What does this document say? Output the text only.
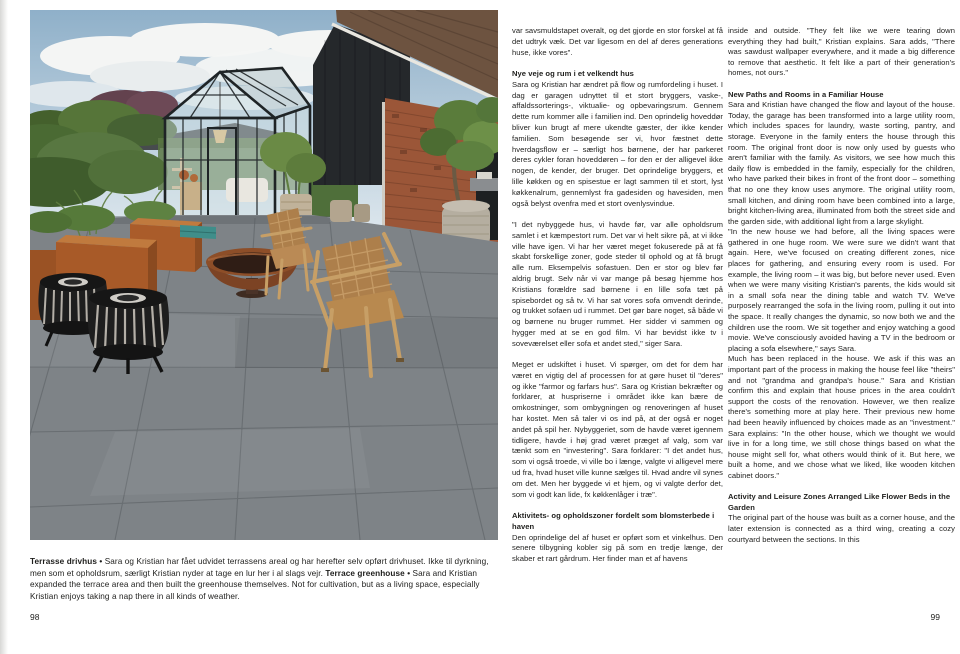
Terrasse drivhus • Sara og Kristian har fået udvidet terrassens areal og har herefter selv opført drivhuset. Ikke til dyrkning, men som et opholdsrum, særligt Kristian nyder at tage en lur her i al slags vejr. Terrace greenhouse • Sara and Kristian expanded the terrace area and then built the greenhouse themselves. Not for cultivation, but as a living space, especially Kristian enjoys taking a nap there in all kinds of weather.

var savsmuldstapet overalt, og det gjorde en stor forskel at få det udtryk væk. Det var ligesom en del af deres generations huse, ikke vores".

Nye veje og rum i et velkendt hus

Sara og Kristian har ændret på flow og rumfordeling i huset. I dag er garagen udnyttet til et stort bryggers, vaske-, affaldssorterings-, viktualie- og opbevaringsrum. Gennem dette rum kommer alle i familien ind. Den oprindelig hoveddør bliver kun brugt af mere ukendte gæster, der ikke kender familien. Som besøgende ser vi, hvor fæstnet dette hverdagsflow er – særligt hos børnene, der har parkeret deres cykler foran hoveddøren – for den er der alligevel ikke nogen, de kender, der bruger. Det oprindelige bryggers, et lille køkken og en spisestue er lagt sammen til et stort, lyst køkkenalrum, gennemlyst fra gadesiden og havesiden, men også belyst ovenfra med et stort ovenlysvindue.

"I det nybyggede hus, vi havde før, var alle opholdsrum samlet i et kæmpestort rum. Det var vi helt sikre på, at vi ikke ville have igen. Vi har her været meget fokuserede på at få skabt forskellige zoner, gode steder til ophold og at få brugt alle rum. Eksempelvis sofastuen. Den er stor og blev før aldrig brugt. Selv når vi var mange på besøg hjemme hos Kristians forældre sad børnene i en lille sofa tæt på spisebordet og så tv. Vi har sat vores sofa omvendt derinde, og trukket sofaen ud i rummet. Det gør bare noget, så både vi og børnene nu bruger rummet. Her sidder vi sammen og hygger med at se en god film. Vi har bevidst ikke tv i soveværelset eller sofa et andet sted," siger Sara.

Meget er udskiftet i huset. Vi spørger, om det for dem har været en vigtig del af processen for at gøre huset til "deres" og ikke "farmor og farfars hus". Sara og Kristian bekræfter og forklarer, at huspriserne i området ikke kan bære de omkostninger, som ombygningen og renoveringen af huset har kostet. Men så taler vi os ind på, at der også er noget andet på spil her. Nybyggeriet, som de havde været igennem tidligere, havde i høj grad været præget af valg, som var tænkt som en "investering". Sara forklarer: "I det andet hus, som vi også troede, vi ville bo i længe, valgte vi alligevel mere ud fra, hvad huset ville kunne sælges til. Hvad andre vil synes om det. Men her byggede vi et hjem, og vi valgte derfor det, som vi godt kan lide, fx køkkenlåger i træ".

Aktivitets- og opholdszoner fordelt som blomsterbede i haven

Den oprindelige del af huset er opført som et vinkelhus. Den senere tilbygning kobler sig på som en tredje længe, der skaber et rart gårdrum. Her finder man et af havens

inside and outside. "They felt like we were tearing down everything they had built," Kristian explains. Sara adds, "There was sawdust wallpaper everywhere, and it made a big difference to remove that aesthetic. It felt like a part of their generation's homes, not ours."

New Paths and Rooms in a Familiar House

Sara and Kristian have changed the flow and layout of the house. Today, the garage has been transformed into a large utility room, which includes spaces for laundry, waste sorting, pantry, and storage. Everyone in the family enters the house through this room. The original front door is now only used by guests who aren't familiar with the family. As visitors, we see how much this daily flow is embedded in the family, especially for the children, who have parked their bikes in front of the front door – something that no one they know uses anymore. The original utility room, small kitchen, and dining room have been combined into a large, bright kitchen-living area, illuminated from both the street side and the garden side, with additional light from a large skylight.

"In the new house we had before, all the living spaces were gathered in one huge room. We were sure we didn't want that again. Here, we've focused on creating different zones, nice places for gathering, and ensuring every room is used. For example, the living room – it was big, but before never used. Even when we were many visiting Kristian's parents, the kids would sit in a small sofa near the dining table and watch TV. We've purposely rearranged the sofa in the living room, pulling it out into the space. It really changes the dynamic, so now both we and the children use the room. We sit together and enjoy watching a good movie. We've consciously avoided having a TV in the bedroom or placing a sofa elsewhere," says Sara.

Much has been replaced in the house. We ask if this was an important part of the process in making the house feel like "theirs" and not "grandma and grandpa's house." Sara and Kristian confirm this and explain that house prices in the area couldn't support the costs of the renovation. However, we then realize there's something more at play here. Their previous new home had been heavily influenced by choices made as an "investment." Sara explains: "In the other house, which we thought we would live in for a long time, we still chose things based on what the house might sell for, what others would think of it. But here, we built a home, and we chose what we liked, like wooden kitchen cabinet doors."

Activity and Leisure Zones Arranged Like Flower Beds in the Garden

The original part of the house was built as a corner house, and the later extension is connected as a third wing, creating a cozy courtyard between the sections. In this

98	99
